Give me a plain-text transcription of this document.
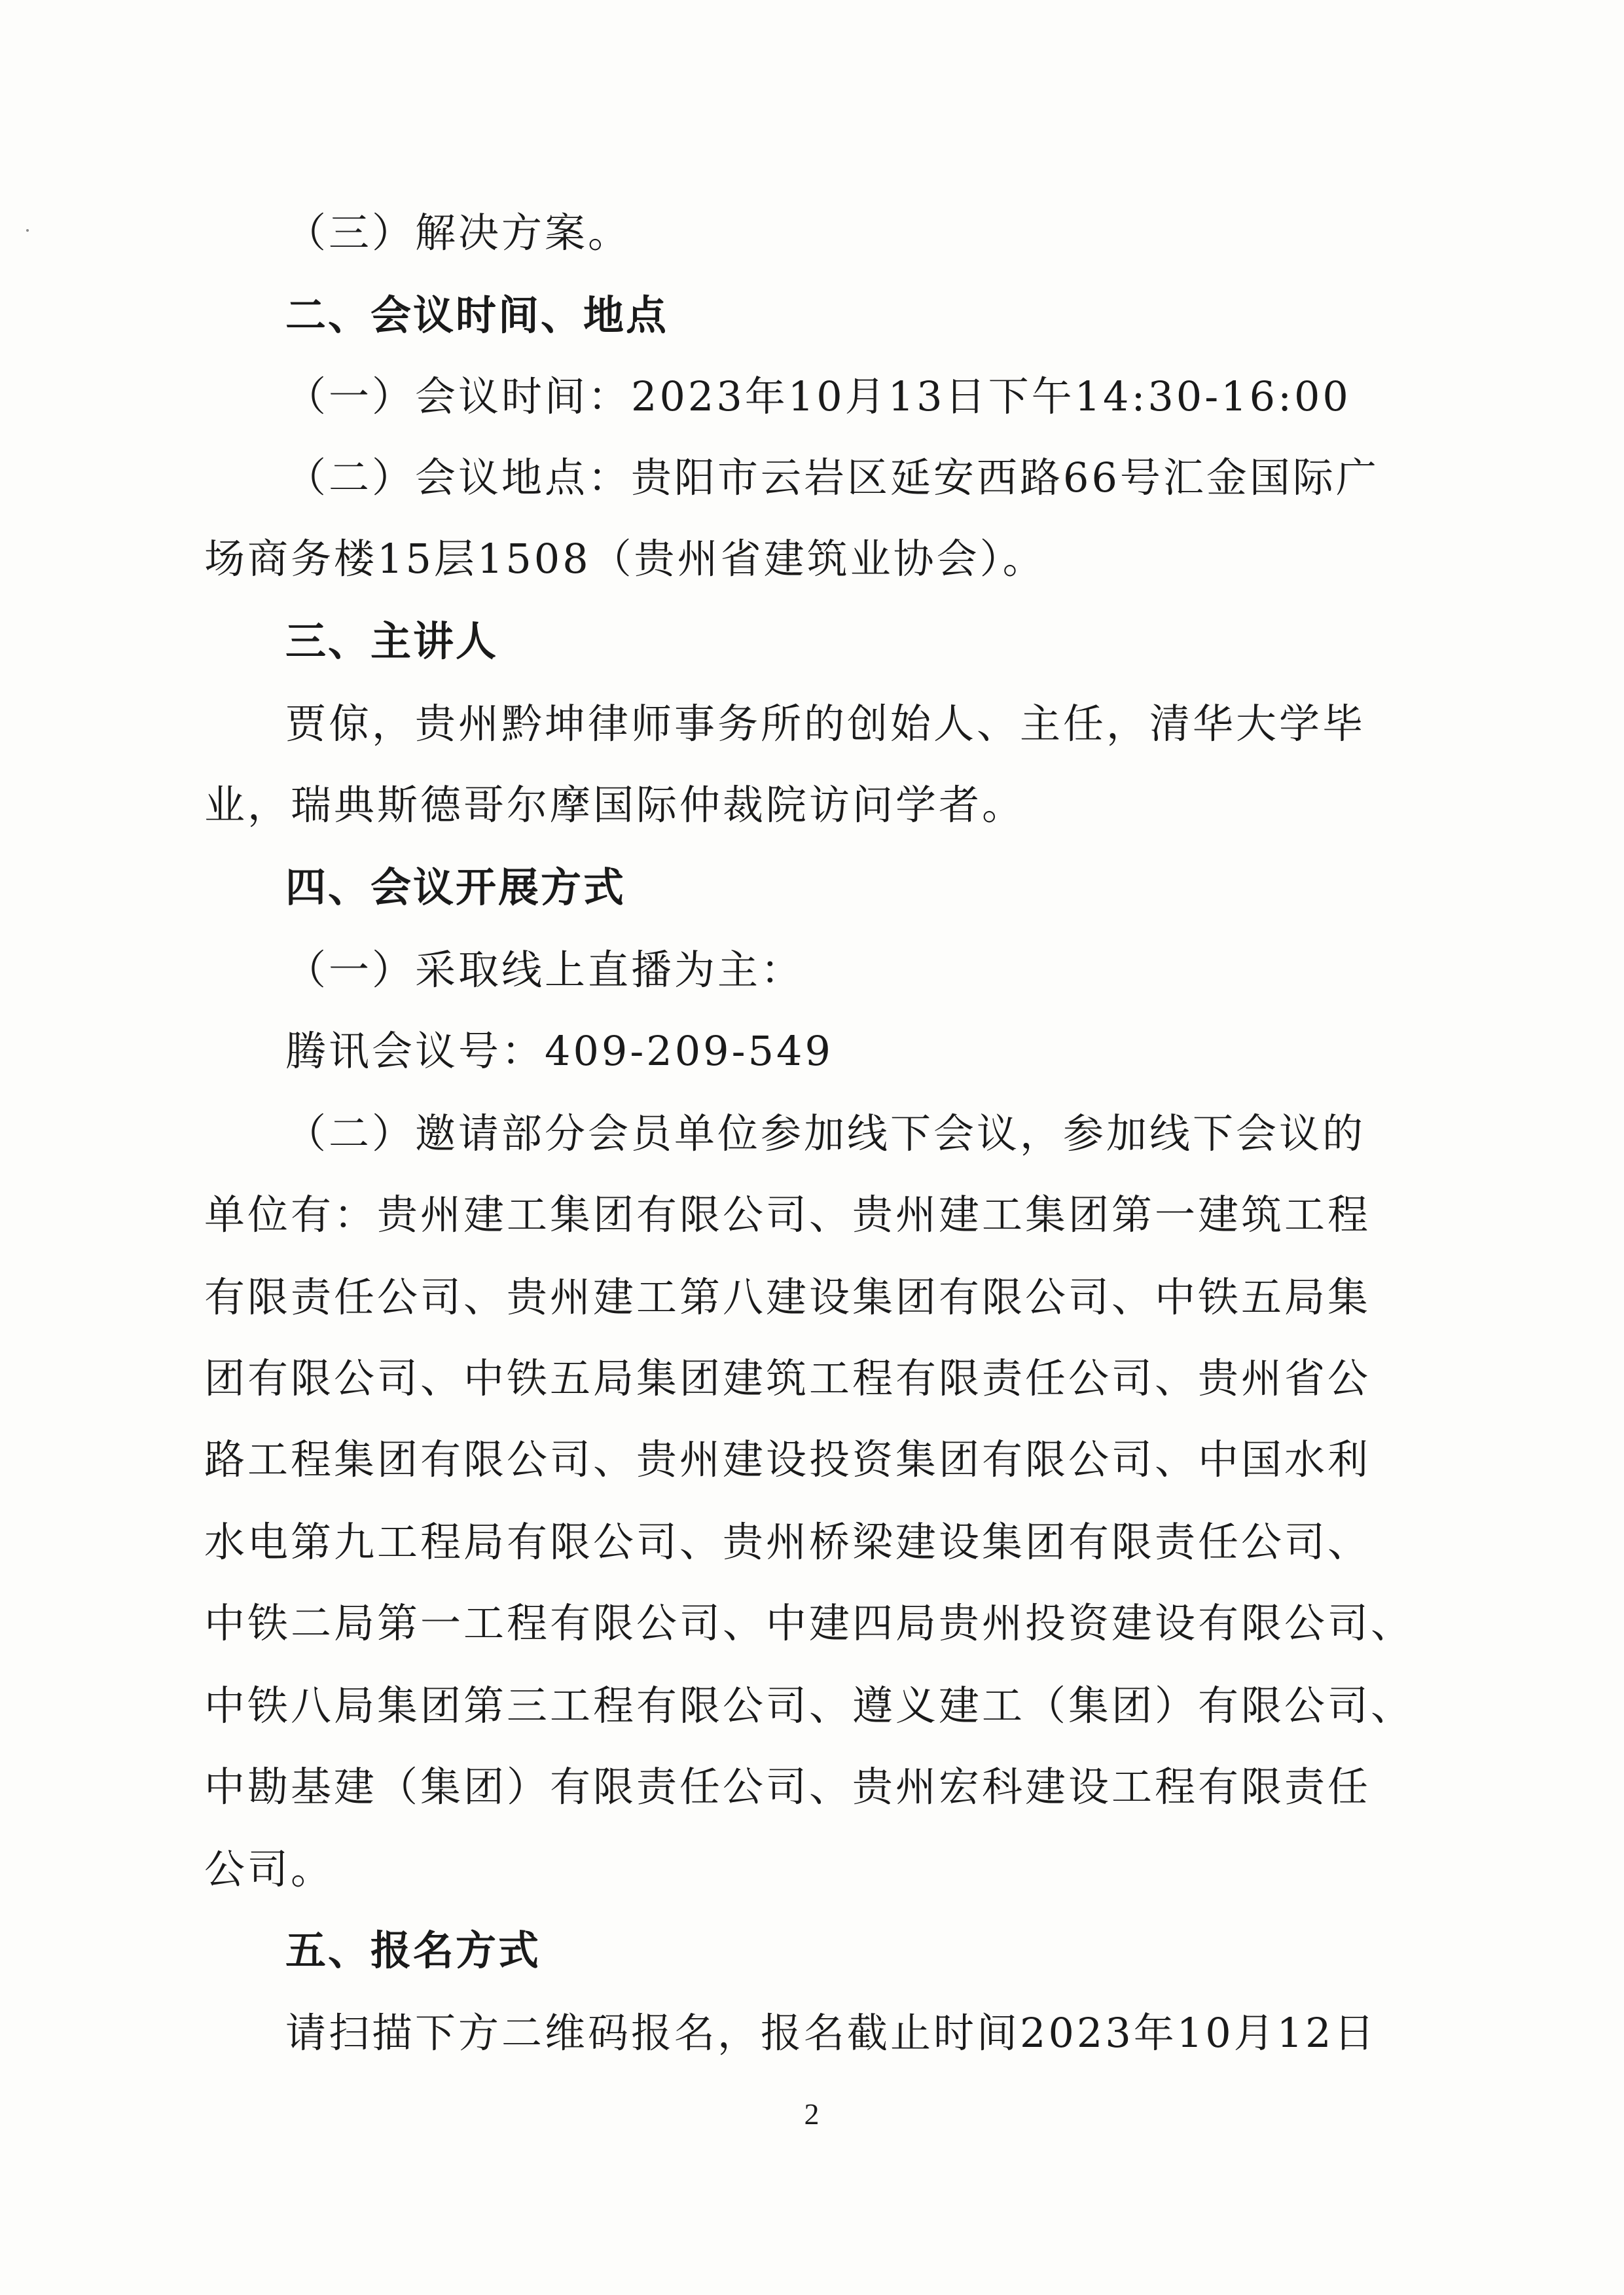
（三）解决方案。
二、会议时间、地点
（一）会议时间：2023年10月13日下午14:30-16:00
（二）会议地点：贵阳市云岩区延安西路66号汇金国际广
场商务楼15层1508（贵州省建筑业协会）。
三、主讲人
贾倞，贵州黔坤律师事务所的创始人、主任，清华大学毕
业，瑞典斯德哥尔摩国际仲裁院访问学者。
四、会议开展方式
（一）采取线上直播为主：
腾讯会议号：409-209-549
（二）邀请部分会员单位参加线下会议，参加线下会议的
单位有：贵州建工集团有限公司、贵州建工集团第一建筑工程
有限责任公司、贵州建工第八建设集团有限公司、中铁五局集
团有限公司、中铁五局集团建筑工程有限责任公司、贵州省公
路工程集团有限公司、贵州建设投资集团有限公司、中国水利
水电第九工程局有限公司、贵州桥梁建设集团有限责任公司、
中铁二局第一工程有限公司、中建四局贵州投资建设有限公司、
中铁八局集团第三工程有限公司、遵义建工（集团）有限公司、
中勘基建（集团）有限责任公司、贵州宏科建设工程有限责任
公司。
五、报名方式
请扫描下方二维码报名，报名截止时间2023年10月12日
2
